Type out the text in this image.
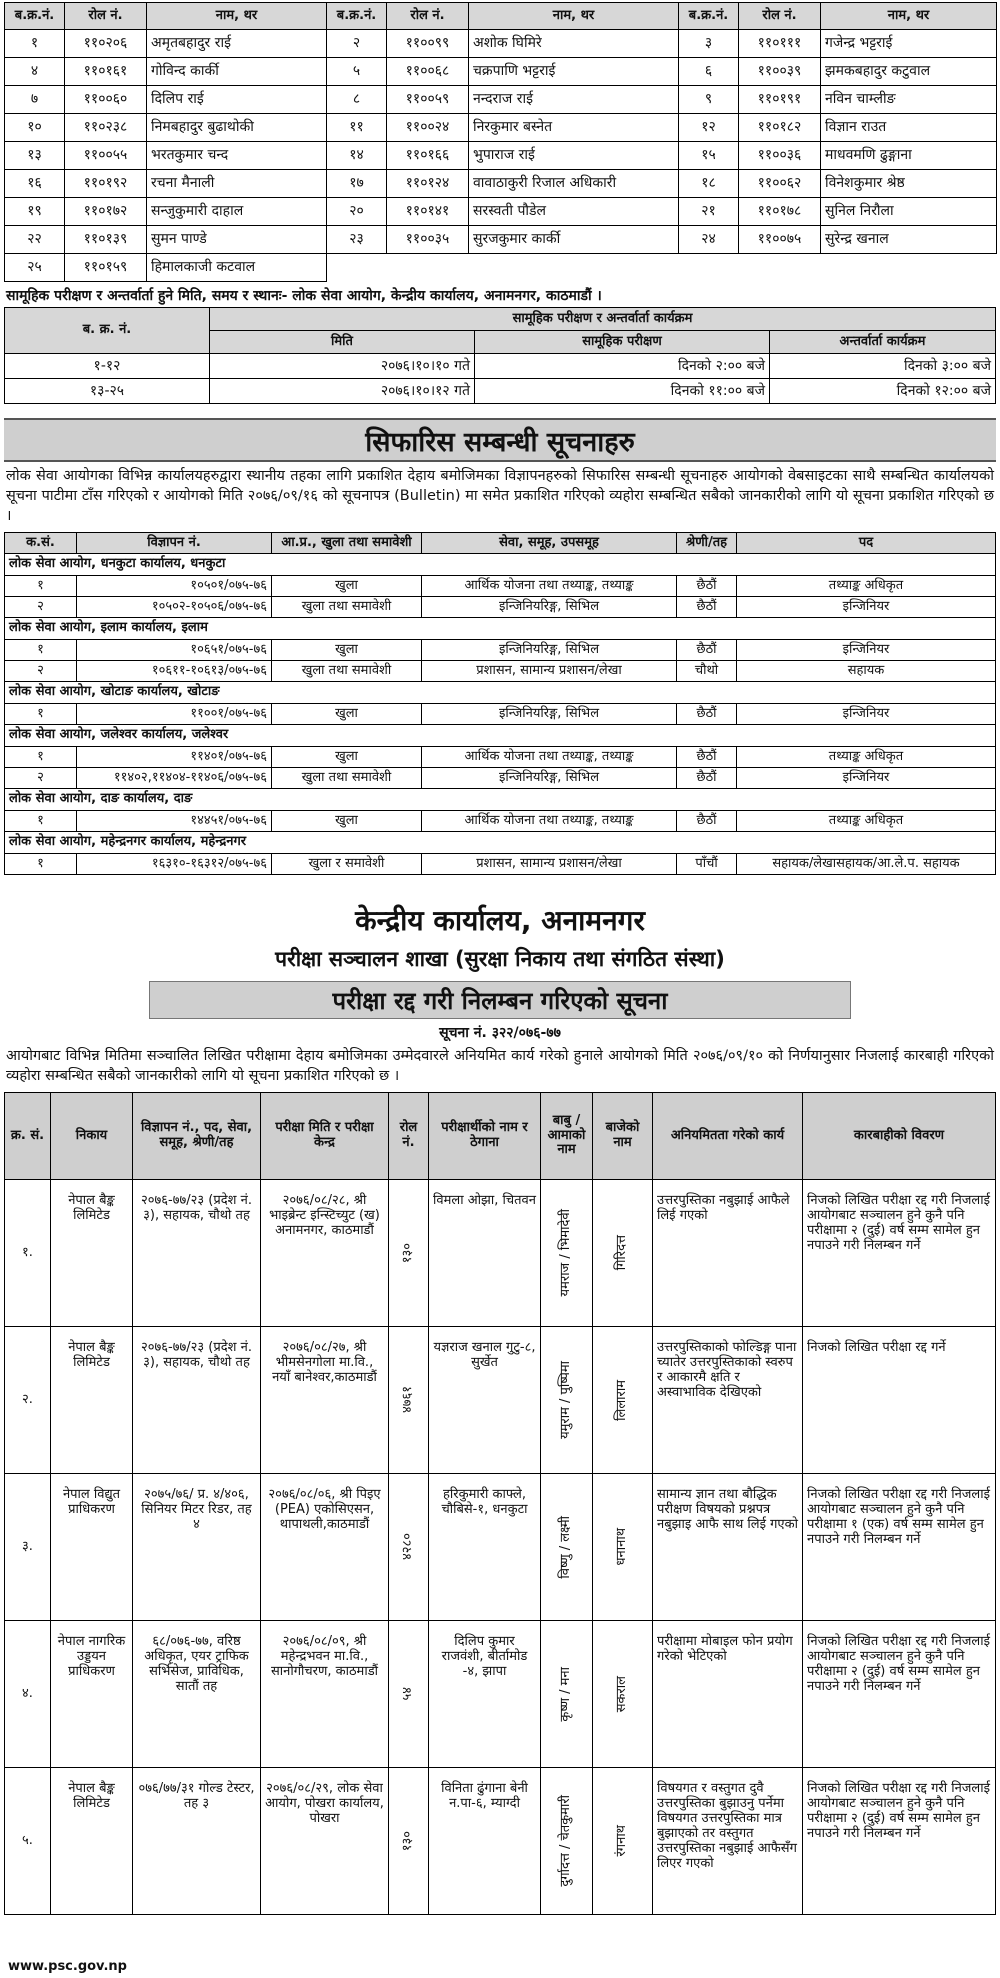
ब.क्र.नं.	रोल नं.	नाम, थर	ब.क्र.नं.	रोल नं.	नाम, थर	ब.क्र.नं.	रोल नं.	नाम, थर
१	११०२०६	अमृतबहादुर राई	२	११००९९	अशोक घिमिरे	३	११०१११	गजेन्द्र भट्टराई
४	११०१६१	गोविन्द कार्की	५	११००६८	चक्रपाणि भट्टराई	६	११००३९	झमकबहादुर कटुवाल
७	११००६०	दिलिप राई	८	११००५९	नन्दराज राई	९	११०१९१	नविन चाम्लीङ
१०	११०२३८	निमबहादुर बुढाथोकी	११	११००२४	निरकुमार बस्नेत	१२	११०१८२	विज्ञान राउत
१३	११००५५	भरतकुमार चन्द	१४	११०१६६	भुपाराज राई	१५	११००३६	माधवमणि ढुङ्गाना
१६	११०१९२	रचना मैनाली	१७	११०१२४	वावाठाकुरी रिजाल अधिकारी	१८	११००६२	विनेशकुमार श्रेष्ठ
१९	११०१७२	सन्जुकुमारी दाहाल	२०	११०१४१	सरस्वती पौडेल	२१	११०१७८	सुनिल निरौला
२२	११०१३९	सुमन पाण्डे	२३	११००३५	सुरजकुमार कार्की	२४	११००७५	सुरेन्द्र खनाल
२५	११०१५९	हिमालकाजी कटवाल						
सामूहिक परीक्षण र अन्तर्वार्ता हुने मिति, समय र स्थानः- लोक सेवा आयोग, केन्द्रीय कार्यालय, अनामनगर, काठमाडौं ।
ब. क्र. नं.	सामूहिक परीक्षण र अन्तर्वार्ता कार्यक्रम		
	मिति	सामूहिक परीक्षण	अन्तर्वार्ता कार्यक्रम
१-१२	२०७६।१०।१० गते	दिनको २:०० बजे	दिनको ३:०० बजे
१३-२५	२०७६।१०।१२ गते	दिनको ११:०० बजे	दिनको १२:०० बजे
सिफारिस सम्बन्धी सूचनाहरु
लोक सेवा आयोगका विभिन्न कार्यालयहरुद्वारा स्थानीय तहका लागि प्रकाशित देहाय बमोजिमका विज्ञापनहरुको सिफारिस सम्बन्धी सूचनाहरु आयोगको वेबसाइटका साथै सम्बन्धित कार्यालयको सूचना पाटीमा टाँस गरिएको र आयोगको मिति २०७६/०९/१६ को सूचनापत्र (Bulletin) मा समेत प्रकाशित गरिएको व्यहोरा सम्बन्धित सबैको जानकारीको लागि यो सूचना प्रकाशित गरिएको छ ।
क.सं.	विज्ञापन नं.	आ.प्र., खुला तथा समावेशी	सेवा, समूह, उपसमूह	श्रेणी/तह	पद
लोक सेवा आयोग, धनकुटा कार्यालय, धनकुटा					
१	१०५०१/०७५-७६	खुला	आर्थिक योजना तथा तथ्याङ्क, तथ्याङ्क	छैठौं	तथ्याङ्क अधिकृत
२	१०५०२-१०५०६/०७५-७६	खुला तथा समावेशी	इन्जिनियरिङ्ग, सिभिल	छैठौं	इन्जिनियर
लोक सेवा आयोग, इलाम कार्यालय, इलाम					
१	१०६५१/०७५-७६	खुला	इन्जिनियरिङ्ग, सिभिल	छैठौं	इन्जिनियर
२	१०६११-१०६१३/०७५-७६	खुला तथा समावेशी	प्रशासन, सामान्य प्रशासन/लेखा	चौथो	सहायक
लोक सेवा आयोग, खोटाङ कार्यालय, खोटाङ					
१	११००१/०७५-७६	खुला	इन्जिनियरिङ्ग, सिभिल	छैठौं	इन्जिनियर
लोक सेवा आयोग, जलेश्वर कार्यालय, जलेश्वर					
१	११४०१/०७५-७६	खुला	आर्थिक योजना तथा तथ्याङ्क, तथ्याङ्क	छैठौं	तथ्याङ्क अधिकृत
२	११४०२,११४०४-११४०६/०७५-७६	खुला तथा समावेशी	इन्जिनियरिङ्ग, सिभिल	छैठौं	इन्जिनियर
लोक सेवा आयोग, दाङ कार्यालय, दाङ					
१	१४४५१/०७५-७६	खुला	आर्थिक योजना तथा तथ्याङ्क, तथ्याङ्क	छैठौं	तथ्याङ्क अधिकृत
लोक सेवा आयोग, महेन्द्रनगर कार्यालय, महेन्द्रनगर					
१	१६३१०-१६३१२/०७५-७६	खुला र समावेशी	प्रशासन, सामान्य प्रशासन/लेखा	पाँचौं	सहायक/लेखासहायक/आ.ले.प. सहायक
केन्द्रीय कार्यालय, अनामनगर
परीक्षा सञ्चालन शाखा (सुरक्षा निकाय तथा संगठित संस्था)
परीक्षा रद्द गरी निलम्बन गरिएको सूचना
सूचना नं. ३२२/०७६-७७
आयोगबाट विभिन्न मितिमा सञ्चालित लिखित परीक्षामा देहाय बमोजिमका उम्मेदवारले अनियमित कार्य गरेको हुनाले आयोगको मिति २०७६/०९/१० को निर्णयानुसार निजलाई कारबाही गरिएको व्यहोरा सम्बन्धित सबैको जानकारीको लागि यो सूचना प्रकाशित गरिएको छ ।
क्र. सं.	निकाय	विज्ञापन नं., पद, सेवा, समूह, श्रेणी/तह	परीक्षा मिति र परीक्षा केन्द्र	रोल नं.	परीक्षार्थीको नाम र ठेगाना	बाबु / आमाको नाम	बाजेको नाम	अनियमितता गरेको कार्य	कारबाहीको विवरण
१.	नेपाल बैङ्क लिमिटेड	२०७६-७७/२३ (प्रदेश नं. ३), सहायक, चौथो तह	२०७६/०८/२८, श्री भाइब्रेन्ट इन्स्टिच्युट (ख) अनामनगर, काठमाडौं	१३०	विमला ओझा, चितवन	यमराज / भिमादेवी	गिरिदत्त	उत्तरपुस्तिका नबुझाई आफैले लिई गएको	निजको लिखित परीक्षा रद्द गरी निजलाई आयोगबाट सञ्चालन हुने कुनै पनि परीक्षामा २ (दुई) वर्ष सम्म सामेल हुन नपाउने गरी निलम्बन गर्ने
२.	नेपाल बैङ्क लिमिटेड	२०७६-७७/२३ (प्रदेश नं. ३), सहायक, चौथो तह	२०७६/०८/२७, श्री भीमसेनगोला मा.वि., नयाँ बानेश्वर,काठमाडौं	४७६१	यज्ञराज खनाल गुटु-८, सुर्खेत	यमुराम / पुष्पिमा	लिलाराम	उत्तरपुस्तिकाको फोल्डिङ्ग पाना च्यातेर उत्तरपुस्तिकाको स्वरुप र आकारमै क्षति र अस्वाभाविक देखिएको	निजको लिखित परीक्षा रद्द गर्ने
३.	नेपाल विद्युत प्राधिकरण	२०७५/७६/ प्र. ४/४०६, सिनियर मिटर रिडर, तह ४	२०७६/०८/०६, श्री पिइए (PEA) एकोसिएसन, थापाथली,काठमाडौं	४२८०	हरिकुमारी काफ्ले, चौबिसे-१, धनकुटा	विष्णु / लक्ष्मी	धनानाथ	सामान्य ज्ञान तथा बौद्धिक परीक्षण विषयको प्रश्नपत्र नबुझाइ आफै साथ लिई गएको	निजको लिखित परीक्षा रद्द गरी निजलाई आयोगबाट सञ्चालन हुने कुनै पनि परीक्षामा १ (एक) वर्ष सम्म सामेल हुन नपाउने गरी निलम्बन गर्ने
४.	नेपाल नागरिक उड्डयन प्राधिकरण	६८/०७६-७७, वरिष्ठ अधिकृत, एयर ट्राफिक सर्भिसेज, प्राविधिक, सातौं तह	२०७६/०८/०९, श्री महेन्द्रभवन मा.वि., सानोगौचरण, काठमाडौं	५४	दिलिप कुमार राजवंशी, बीर्तामोड -४, झापा	कृष्ण / मना	सकराल	परीक्षामा मोबाइल फोन प्रयोग गरेको भेटिएको	निजको लिखित परीक्षा रद्द गरी निजलाई आयोगबाट सञ्चालन हुने कुनै पनि परीक्षामा २ (दुई) वर्ष सम्म सामेल हुन नपाउने गरी निलम्बन गर्ने
५.	नेपाल बैङ्क लिमिटेड	०७६/७७/३१ गोल्ड टेस्टर, तह ३	२०७६/०८/२९, लोक सेवा आयोग, पोखरा कार्यालय, पोखरा	१३०	विनिता ढुंगाना बेनी न.पा-६, म्याग्दी	दुर्गादत्त / चेतकुमारी	रंगनाथ	विषयगत र वस्तुगत दुवै उत्तरपुस्तिका बुझाउनु पर्नेमा विषयगत उत्तरपुस्तिका मात्र बुझाएको तर वस्तुगत उत्तरपुस्तिका नबुझाई आफैसँग लिएर गएको	निजको लिखित परीक्षा रद्द गरी निजलाई आयोगबाट सञ्चालन हुने कुनै पनि परीक्षामा २ (दुई) वर्ष सम्म सामेल हुन नपाउने गरी निलम्बन गर्ने
www.psc.gov.np
